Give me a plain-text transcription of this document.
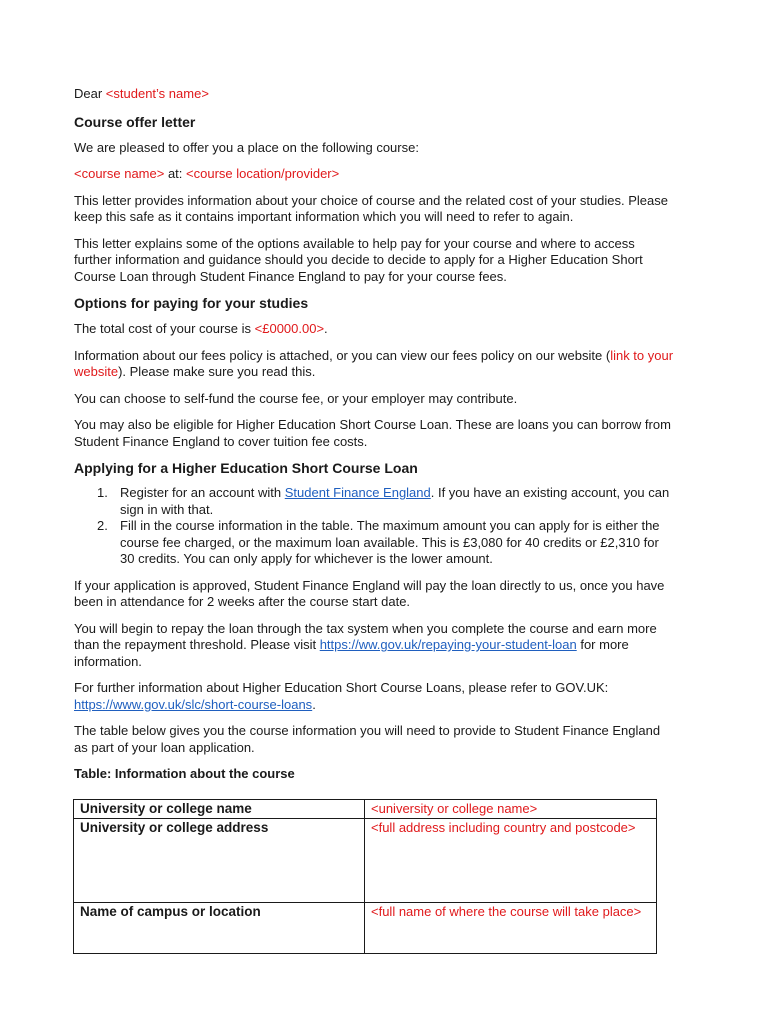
Dear <student’s name>

Course offer letter

We are pleased to offer you a place on the following course:

<course name> at: <course location/provider>

This letter provides information about your choice of course and the related cost of your studies. Please keep this safe as it contains important information which you will need to refer to again.

This letter explains some of the options available to help pay for your course and where to access further information and guidance should you decide to decide to apply for a Higher Education Short Course Loan through Student Finance England to pay for your course fees.

Options for paying for your studies

The total cost of your course is <£0000.00>.

Information about our fees policy is attached, or you can view our fees policy on our website (link to your website). Please make sure you read this.

You can choose to self-fund the course fee, or your employer may contribute.

You may also be eligible for Higher Education Short Course Loan. These are loans you can borrow from Student Finance England to cover tuition fee costs.

Applying for a Higher Education Short Course Loan
1. Register for an account with Student Finance England. If you have an existing account, you can sign in with that.
2. Fill in the course information in the table. The maximum amount you can apply for is either the course fee charged, or the maximum loan available. This is £3,080 for 40 credits or £2,310 for 30 credits. You can only apply for whichever is the lower amount.

If your application is approved, Student Finance England will pay the loan directly to us, once you have been in attendance for 2 weeks after the course start date.

You will begin to repay the loan through the tax system when you complete the course and earn more than the repayment threshold. Please visit https://ww.gov.uk/repaying-your-student-loan for more information.

For further information about Higher Education Short Course Loans, please refer to GOV.UK: https://www.gov.uk/slc/short-course-loans.

The table below gives you the course information you will need to provide to Student Finance England as part of your loan application.

Table: Information about the course

University or college name	<university or college name>
University or college address	<full address including country and postcode>
Name of campus or location	<full name of where the course will take place>
